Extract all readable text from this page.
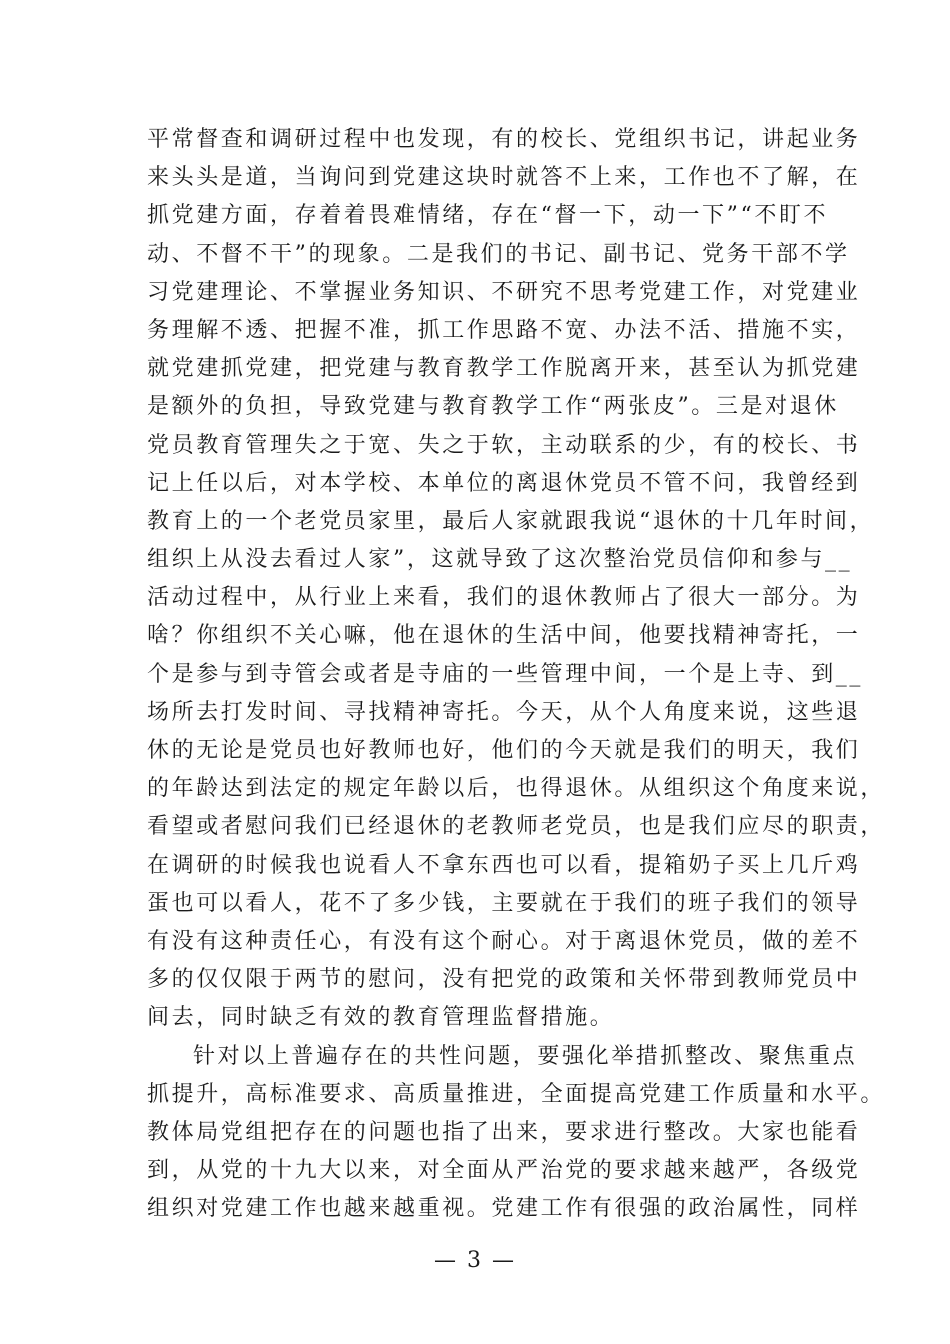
平常督查和调研过程中也发现，有的校长、党组织书记，讲起业务
来头头是道，当询问到党建这块时就答不上来，工作也不了解，在
抓党建方面，存着着畏难情绪，存在“督一下，动一下”“不盯不
动、不督不干”的现象。二是我们的书记、副书记、党务干部不学
习党建理论、不掌握业务知识、不研究不思考党建工作，对党建业
务理解不透、把握不准，抓工作思路不宽、办法不活、措施不实，
就党建抓党建，把党建与教育教学工作脱离开来，甚至认为抓党建
是额外的负担，导致党建与教育教学工作“两张皮”。三是对退休
党员教育管理失之于宽、失之于软，主动联系的少，有的校长、书
记上任以后，对本学校、本单位的离退休党员不管不问，我曾经到
教育上的一个老党员家里，最后人家就跟我说“退休的十几年时间，
组织上从没去看过人家”，这就导致了这次整治党员信仰和参与__
活动过程中，从行业上来看，我们的退休教师占了很大一部分。为
啥？你组织不关心嘛，他在退休的生活中间，他要找精神寄托，一
个是参与到寺管会或者是寺庙的一些管理中间，一个是上寺、到__
场所去打发时间、寻找精神寄托。今天，从个人角度来说，这些退
休的无论是党员也好教师也好，他们的今天就是我们的明天，我们
的年龄达到法定的规定年龄以后，也得退休。从组织这个角度来说，
看望或者慰问我们已经退休的老教师老党员，也是我们应尽的职责，
在调研的时候我也说看人不拿东西也可以看，提箱奶子买上几斤鸡
蛋也可以看人，花不了多少钱，主要就在于我们的班子我们的领导
有没有这种责任心，有没有这个耐心。对于离退休党员，做的差不
多的仅仅限于两节的慰问，没有把党的政策和关怀带到教师党员中
间去，同时缺乏有效的教育管理监督措施。
针对以上普遍存在的共性问题，要强化举措抓整改、聚焦重点
抓提升，高标准要求、高质量推进，全面提高党建工作质量和水平。
教体局党组把存在的问题也指了出来，要求进行整改。大家也能看
到，从党的十九大以来，对全面从严治党的要求越来越严，各级党
组织对党建工作也越来越重视。党建工作有很强的政治属性，同样
— 3 —
